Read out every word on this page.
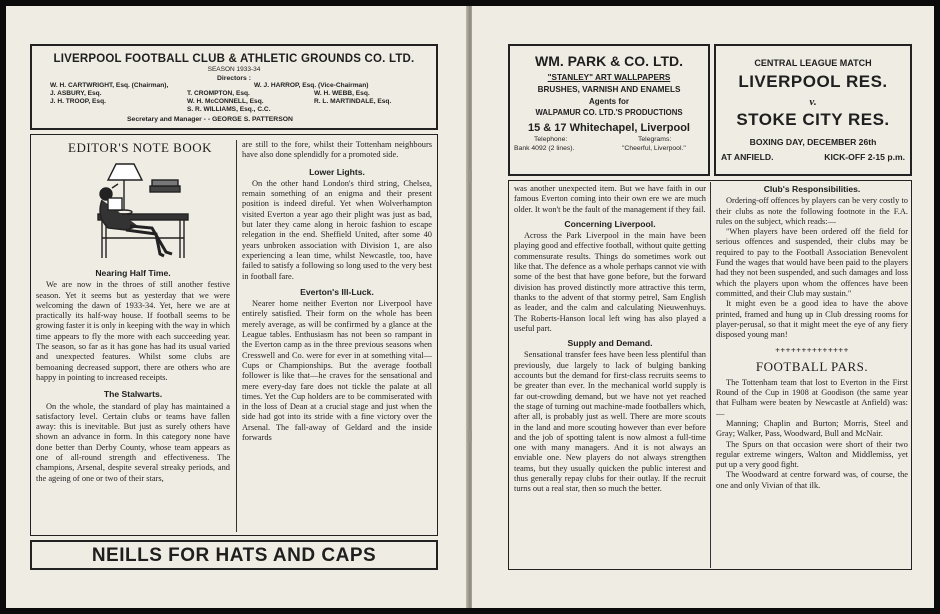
LIVERPOOL FOOTBALL CLUB & ATHLETIC GROUNDS CO. LTD.
SEASON 1933-34
Directors :
W. H. CARTWRIGHT, Esq. (Chairman),	W. J. HARROP, Esq. (Vice-Chairman)
J. ASBURY, Esq.	T. CROMPTON, Esq.	W. H. WEBB, Esq.
J. H. TROOP, Esq.	W. H. McCONNELL, Esq.	R. L. MARTINDALE, Esq.
S. R. WILLIAMS, Esq., C.C.
Secretary and Manager - - GEORGE S. PATTERSON
EDITOR'S NOTE BOOK
Nearing Half Time.

We are now in the throes of still another festive season. Yet it seems but as yesterday that we were welcoming the dawn of 1933-34. Yet, here we are at practically its half-way house. If football seems to be growing faster it is only in keeping with the way in which time appears to fly the more with each succeeding year. The season, so far as it has gone has had its usual varied and unexpected features. Whilst some clubs are bemoaning decreased support, there are others who are happy in pointing to increased receipts.

The Stalwarts.

On the whole, the standard of play has maintained a satisfactory level. Certain clubs or teams have fallen away: this is inevitable. But just as surely others have shown an advance in form. In this category none have done better than Derby County, whose team appears as one of all-round strength and effectiveness. The champions, Arsenal, despite several streaky periods, and the ageing of one or two of their stars,

are still to the fore, whilst their Tottenham neighbours have also done splendidly for a promoted side.

Lower Lights.

On the other hand London's third string, Chelsea, remain something of an enigma and their present position is indeed direful. Yet when Wolverhampton visited Everton a year ago their plight was just as bad, but later they came along in heroic fashion to escape relegation in the end. Sheffield United, after some 40 years unbroken association with Division 1, are also experiencing a lean time, whilst Newcastle, too, have failed to satisfy a following so long used to the very best in football fare.

Everton's Ill-Luck.

Nearer home neither Everton nor Liverpool have entirely satisfied. Their form on the whole has been merely average, as will be confirmed by a glance at the League tables. Enthusiasm has not been so rampant in the Everton camp as in the three previous seasons when Cresswell and Co. were for ever in at something vital—Cups or Championships. But the average football follower is like that—he craves for the sensational and mere every-day fare does not tickle the palate at all times. Yet the Cup holders are to be commiserated with in the loss of Dean at a crucial stage and just when the side had got into its stride with a fine victory over the Arsenal. The fall-away of Geldard and the inside forwards

NEILLS FOR HATS AND CAPS

WM. PARK & CO. LTD.
"STANLEY" ART WALLPAPERS
BRUSHES, VARNISH AND ENAMELS
Agents for
WALPAMUR CO. LTD.'S PRODUCTIONS
15 & 17 Whitechapel, Liverpool
Telephone:
Bank 4092 (2 lines).
Telegrams:
"Cheerful, Liverpool."
CENTRAL LEAGUE MATCH
LIVERPOOL RES.
v.
STOKE CITY RES.
BOXING DAY, DECEMBER 26th
AT ANFIELD.	KICK-OFF 2-15 p.m.

was another unexpected item. But we have faith in our famous Everton coming into their own ere we are much older. It won't be the fault of the management if they fail.

Concerning Liverpool.

Across the Park Liverpool in the main have been playing good and effective football, without quite getting commensurate results. Things do sometimes work out like that. The defence as a whole perhaps cannot vie with some of the best that have gone before, but the forward division has proved distinctly more attractive this term, thanks to the advent of that stormy petrel, Sam English as leader, and the calm and calculating Nieuwenhuys. The Roberts-Hanson local left wing has also played a useful part.

Supply and Demand.

Sensational transfer fees have been less plentiful than previously, due largely to lack of bulging banking accounts but the demand for first-class recruits seems to be greater than ever. In the mechanical world supply is far out-crowding demand, but we have not yet reached the stage of turning out machine-made footballers which, after all, is probably just as well. There are more scouts in the land and more scouting however than ever before and the job of spotting talent is now almost a full-time one with many managers. And it is not always an enviable one. New players do not always strengthen teams, but they usually quicken the public interest and thus generally repay clubs for their outlay. If the recruit turns out a real star, then so much the better.

Club's Responsibilities.

Ordering-off offences by players can be very costly to their clubs as note the following footnote in the F.A. rules on the subject, which reads:—

"When players have been ordered off the field for serious offences and suspended, their clubs may be required to pay to the Football Association Benevolent Fund the wages that would have been paid to the players had they not been suspended, and such damages and loss which the players upon whom the offences have been committed, and their Club may sustain."

It might even be a good idea to have the above printed, framed and hung up in Club dressing rooms for player-perusal, so that it might meet the eye of any fiery disposed young man!

++++++++++++++
FOOTBALL PARS.

The Tottenham team that lost to Everton in the First Round of the Cup in 1908 at Goodison (the same year that Fulham were beaten by Newcastle at Anfield) was:—

Manning; Chaplin and Burton; Morris, Steel and Gray; Walker, Pass, Woodward, Bull and McNair.

The Spurs on that occasion were short of their two regular extreme wingers, Walton and Middlemiss, yet put up a very good fight.

The Woodward at centre forward was, of course, the one and only Vivian of that ilk.
